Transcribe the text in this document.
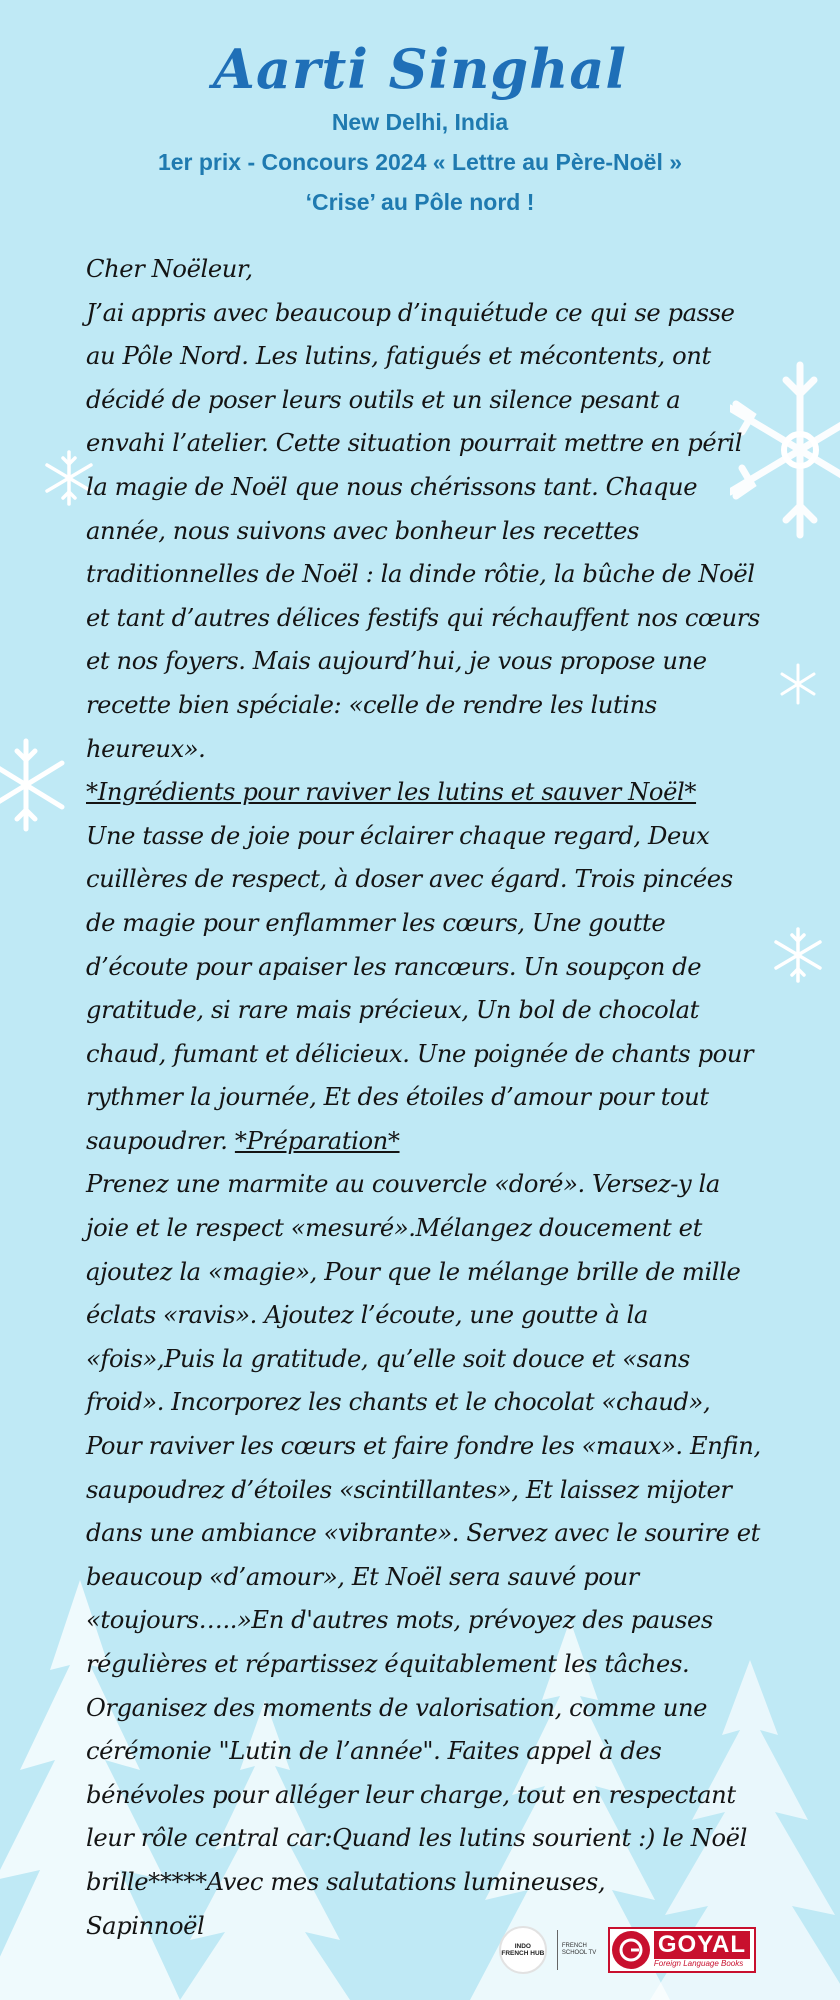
Aarti Singhal
New Delhi, India
1er prix - Concours 2024 « Lettre au Père-Noël »
‘Crise’ au Pôle nord !
Cher Noëleur,
J’ai appris avec beaucoup d’inquiétude ce qui se passe au Pôle Nord. Les lutins, fatigués et mécontents, ont décidé de poser leurs outils et un silence pesant a envahi l’atelier. Cette situation pourrait mettre en péril la magie de Noël que nous chérissons tant. Chaque année, nous suivons avec bonheur les recettes traditionnelles de Noël : la dinde rôtie, la bûche de Noël et tant d’autres délices festifs qui réchauffent nos cœurs et nos foyers. Mais aujourd’hui, je vous propose une recette bien spéciale: «celle de rendre les lutins heureux».
*Ingrédients pour raviver les lutins et sauver Noël*
Une tasse de joie pour éclairer chaque regard, Deux cuillères de respect, à doser avec égard. Trois pincées de magie pour enflammer les cœurs, Une goutte d’écoute pour apaiser les rancœurs. Un soupçon de gratitude, si rare mais précieux, Un bol de chocolat chaud, fumant et délicieux. Une poignée de chants pour rythmer la journée, Et des étoiles d’amour pour tout saupoudrer. *Préparation*
Prenez une marmite au couvercle «doré». Versez-y la joie et le respect «mesuré».Mélangez doucement et ajoutez la «magie», Pour que le mélange brille de mille éclats «ravis». Ajoutez l’écoute, une goutte à la «fois»,Puis la gratitude, qu’elle soit douce et «sans froid». Incorporez les chants et le chocolat «chaud», Pour raviver les cœurs et faire fondre les «maux». Enfin, saupoudrez d’étoiles «scintillantes», Et laissez mijoter dans une ambiance «vibrante». Servez avec le sourire et beaucoup «d’amour», Et Noël sera sauvé pour «toujours…..»En d'autres mots, prévoyez des pauses régulières et répartissez équitablement les tâches. Organisez des moments de valorisation, comme une cérémonie "Lutin de l’année". Faites appel à des bénévoles pour alléger leur charge, tout en respectant leur rôle central car:Quand les lutins sourient :) le Noël brille*****Avec mes salutations lumineuses,
Sapinnoël
INDO FRENCH HUB
FRENCH SCHOOL TV	GOYAL
Foreign Language Books
